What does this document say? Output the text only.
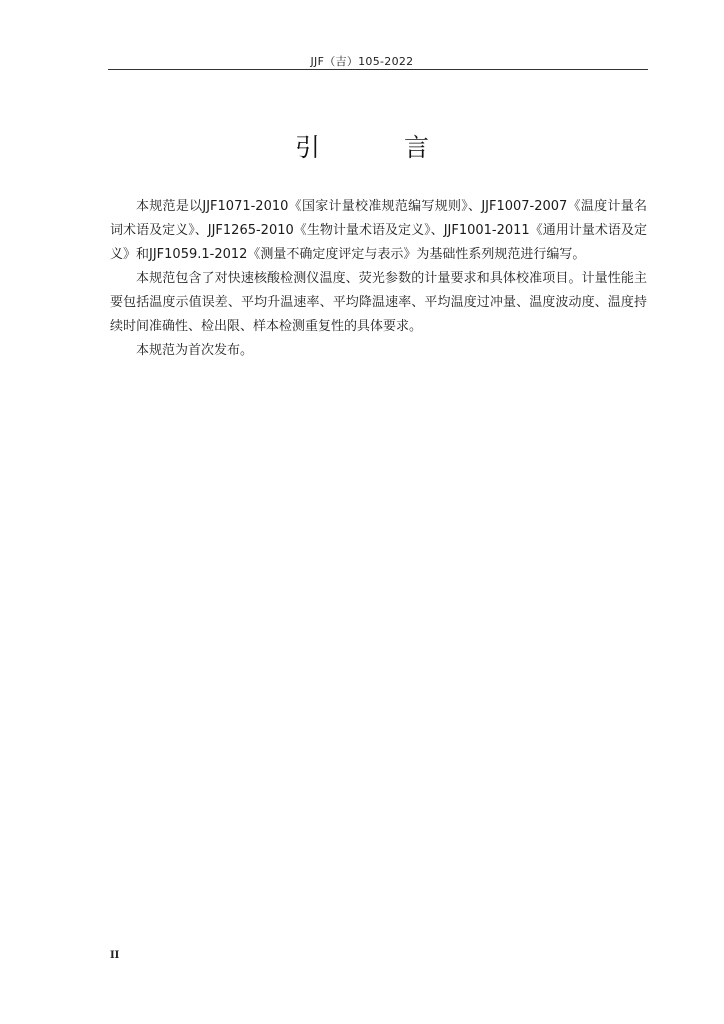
JJF（吉）105-2022
引 言

本规范是以JJF1071-2010《国家计量校准规范编写规则》、JJF1007-2007《温度计量名词术语及定义》、JJF1265-2010《生物计量术语及定义》、JJF1001-2011《通用计量术语及定义》和JJF1059.1-2012《测量不确定度评定与表示》为基础性系列规范进行编写。

本规范包含了对快速核酸检测仪温度、荧光参数的计量要求和具体校准项目。计量性能主要包括温度示值误差、平均升温速率、平均降温速率、平均温度过冲量、温度波动度、温度持续时间准确性、检出限、样本检测重复性的具体要求。

本规范为首次发布。

II
